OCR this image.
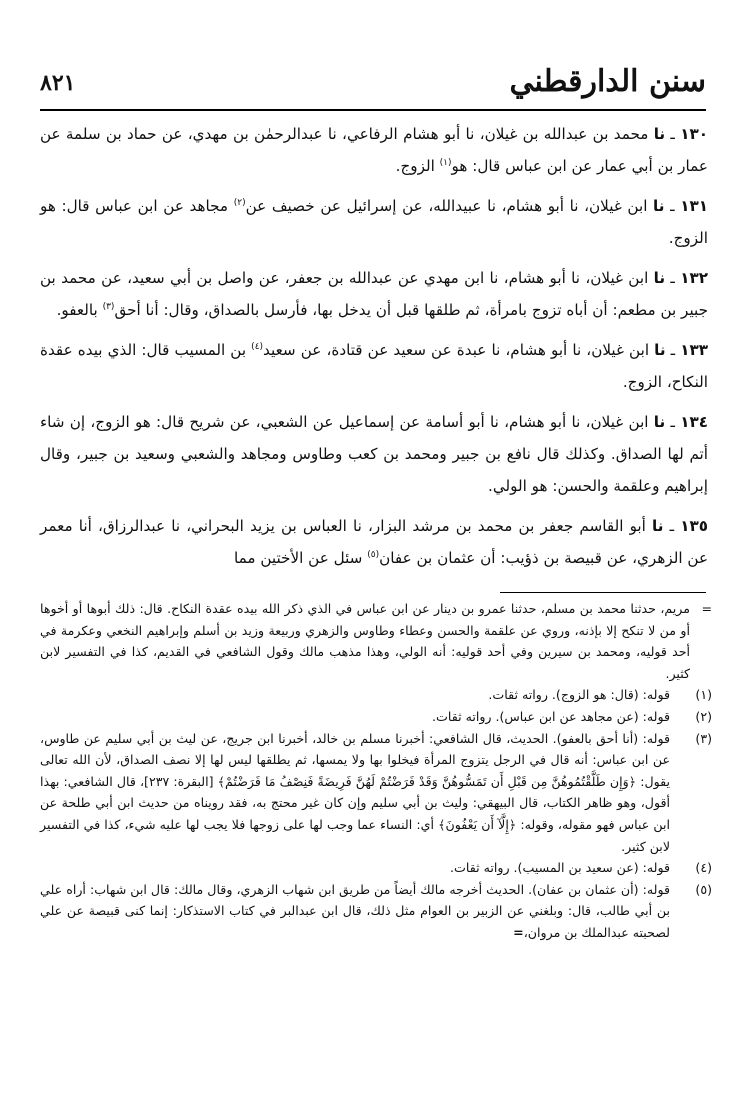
سنن الدارقطني
٨٢١

١٣٠ ـ نا محمد بن عبدالله بن غيلان، نا أبو هشام الرفاعي، نا عبدالرحمٰن بن مهدي، عن حماد بن سلمة عن عمار بن أبي عمار عن ابن عباس قال: هو$^{(١)}$ الزوج.

١٣١ ـ نا ابن غيلان، نا أبو هشام، نا عبيدالله، عن إسرائيل عن خصيف عن$^{(٢)}$ مجاهد عن ابن عباس قال: هو الزوج.

١٣٢ ـ نا ابن غيلان، نا أبو هشام، نا ابن مهدي عن عبدالله بن جعفر، عن واصل بن أبي سعيد، عن محمد بن جبير بن مطعم: أن أباه تزوج بامرأة، ثم طلقها قبل أن يدخل بها، فأرسل بالصداق، وقال: أنا أحق$^{(٣)}$ بالعفو.

١٣٣ ـ نا ابن غيلان، نا أبو هشام، نا عبدة عن سعيد عن قتادة، عن سعيد$^{(٤)}$ بن المسيب قال: الذي بيده عقدة النكاح، الزوج.

١٣٤ ـ نا ابن غيلان، نا أبو هشام، نا أبو أسامة عن إسماعيل عن الشعبي، عن شريح قال: هو الزوج، إن شاء أتم لها الصداق. وكذلك قال نافع بن جبير ومحمد بن كعب وطاوس ومجاهد والشعبي وسعيد بن جبير، وقال إبراهيم وعلقمة والحسن: هو الولي.

١٣٥ ـ نا أبو القاسم جعفر بن محمد بن مرشد البزار، نا العباس بن يزيد البحراني، نا عبدالرزاق، أنا معمر عن الزهري، عن قبيصة بن ذؤيب: أن عثمان بن عفان$^{(٥)}$ سئل عن الأختين مما

=
مريم، حدثنا محمد بن مسلم، حدثنا عمرو بن دينار عن ابن عباس في الذي ذكر الله بيده عقدة النكاح. قال: ذلك أبوها أو أخوها أو من لا تنكح إلا بإذنه، وروي عن علقمة والحسن وعطاء وطاوس والزهري وربيعة وزيد بن أسلم وإبراهيم النخعي وعكرمة في أحد قوليه، ومحمد بن سيرين وفي أحد قوليه: أنه الولي، وهذا مذهب مالك وقول الشافعي في القديم، كذا في التفسير لابن كثير.

(١)
قوله: (قال: هو الزوج). رواته ثقات.

(٢)
قوله: (عن مجاهد عن ابن عباس). رواته ثقات.

(٣)
قوله: (أنا أحق بالعفو). الحديث، قال الشافعي: أخبرنا مسلم بن خالد، أخبرنا ابن جريج، عن ليث بن أبي سليم عن طاوس، عن ابن عباس: أنه قال في الرجل يتزوج المرأة فيخلوا بها ولا يمسها، ثم يطلقها ليس لها إلا نصف الصداق، لأن الله تعالى يقول: ﴿وَإِن طَلَّقْتُمُوهُنَّ مِن قَبْلِ أَن تَمَسُّوهُنَّ وَقَدْ فَرَضْتُمْ لَهُنَّ فَرِيضَةً فَنِصْفُ مَا فَرَضْتُمْ﴾ [البقرة: ٢٣٧]، قال الشافعي: بهذا أقول، وهو ظاهر الكتاب، قال البيهقي: وليث بن أبي سليم وإن كان غير محتج به، فقد رويناه من حديث ابن أبي طلحة عن ابن عباس فهو مقوله، وقوله: ﴿إِلَّآ أَن يَعْفُونَ﴾ أي: النساء عما وجب لها على زوجها فلا يجب لها عليه شيء، كذا في التفسير لابن كثير.

(٤)
قوله: (عن سعيد بن المسيب). رواته ثقات.

(٥)
قوله: (أن عثمان بن عفان). الحديث أخرجه مالك أيضاً من طريق ابن شهاب الزهري، وقال مالك: قال ابن شهاب: أراه علي بن أبي طالب، قال: وبلغني عن الزبير بن العوام مثل ذلك، قال ابن عبدالبر في كتاب الاستذكار: إنما كنى قبيصة عن علي لصحبته عبدالملك بن مروان،=
